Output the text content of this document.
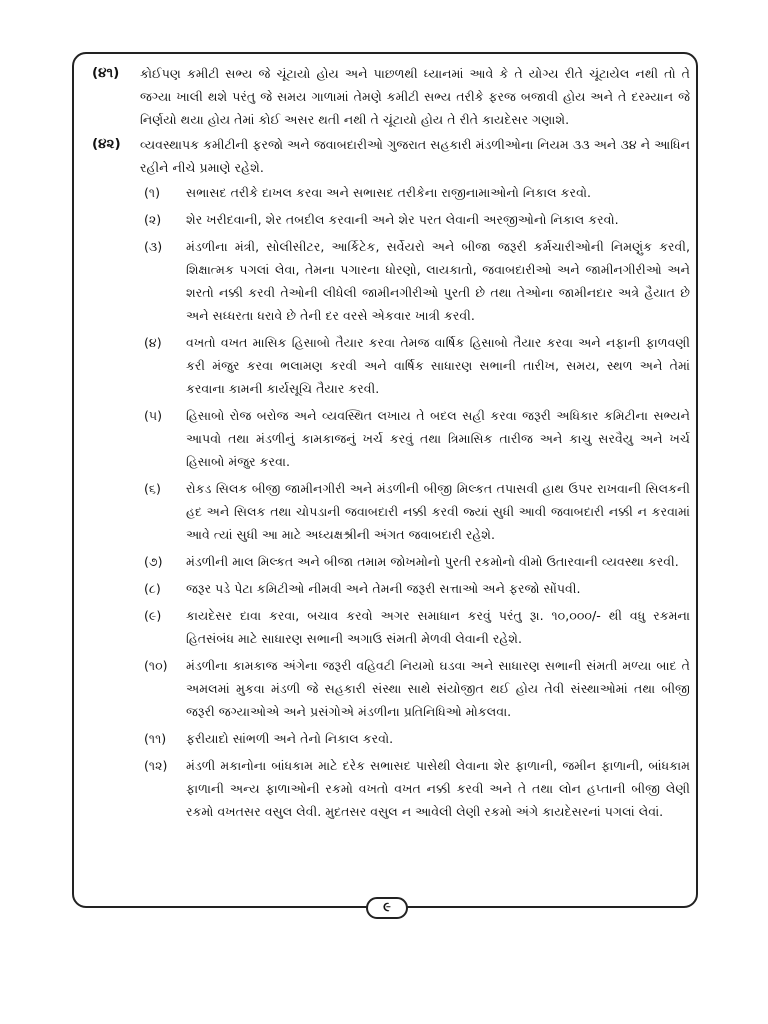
(૪૧)	કોઈપણ કમીટી સભ્ય જે ચૂંટાયો હોય અને પાછળથી ધ્યાનમાં આવે કે તે યોગ્ય રીતે ચૂંટાયેલ નથી તો તે જગ્યા ખાલી થશે પરંતુ જે સમય ગાળામાં તેમણે કમીટી સભ્ય તરીકે ફરજ બજાવી હોય અને તે દરમ્યાન જે નિર્ણયો થયા હોય તેમાં કોઈ અસર થતી નથી તે ચૂંટાયો હોય તે રીતે કાયદેસર ગણાશે.
(૪૨)	વ્યવસ્થાપક કમીટીની ફરજો અને જવાબદારીઓ ગુજરાત સહકારી મંડળીઓના નિયમ ૩૩ અને ૩૪ ને આધિન રહીને નીચે પ્રમાણે રહેશે.
(૧)	સભાસદ તરીકે દાખલ કરવા અને સભાસદ તરીકેના રાજીનામાઓનો નિકાલ કરવો.
(૨)	શેર ખરીદવાની, શેર તબદીલ કરવાની અને શેર પરત લેવાની અરજીઓનો નિકાલ કરવો.
(૩)	મંડળીના મંત્રી, સોલીસીટર, આર્કિટેક, સર્વેયરો અને બીજા જરૂરી કર્મચારીઓની નિમણુંક કરવી, શિક્ષાત્મક પગલાં લેવા, તેમના પગારના ધોરણો, લાયકાતો, જવાબદારીઓ અને જામીનગીરીઓ અને શરતો નક્કી કરવી તેઓની લીધેલી જામીનગીરીઓ પુરતી છે તથા તેઓના જામીનદાર અત્રે હૈયાત છે અને સધ્ધરતા ધરાવે છે તેની દર વરસે એકવાર ખાત્રી કરવી.
(૪)	વખતો વખત માસિક હિસાબો તૈયાર કરવા તેમજ વાર્ષિક હિસાબો તૈયાર કરવા અને નફાની ફાળવણી કરી મંજુર કરવા ભલામણ કરવી અને વાર્ષિક સાધારણ સભાની તારીખ, સમય, સ્થળ અને તેમાં કરવાના કામની કાર્યસૂચિ તૈયાર કરવી.
(૫)	હિસાબો રોજ બરોજ અને વ્યવસ્થિત લખાય તે બદલ સહી કરવા જરૂરી અધિકાર કમિટીના સભ્યને આપવો તથા મંડળીનું કામકાજનું ખર્ચ કરવું તથા ત્રિમાસિક તારીજ અને કાચુ સરવૈયુ અને ખર્ચ હિસાબો મંજુર કરવા.
(૬)	રોકડ સિલક બીજી જામીનગીરી અને મંડળીની બીજી મિલ્કત તપાસવી હાથ ઉપર રાખવાની સિલકની હદ અને સિલક તથા ચોપડાની જવાબદારી નક્કી કરવી જ્યાં સુધી આવી જવાબદારી નક્કી ન કરવામાં આવે ત્યાં સુધી આ માટે અધ્યક્ષશ્રીની અંગત જવાબદારી રહેશે.
(૭)	મંડળીની માલ મિલ્કત અને બીજા તમામ જોખમોનો પુરતી રકમોનો વીમો ઉતારવાની વ્યવસ્થા કરવી.
(૮)	જરૂર પડે પેટા કમિટીઓ નીમવી અને તેમની જરૂરી સત્તાઓ અને ફરજો સોંપવી.
(૯)	કાયદેસર દાવા કરવા, બચાવ કરવો અગર સમાધાન કરવું પરંતુ રૂા. ૧૦,૦૦૦/- થી વધુ રકમના હિતસંબંધ માટે સાધારણ સભાની અગાઉ સંમતી મેળવી લેવાની રહેશે.
(૧૦)	મંડળીના કામકાજ અંગેના જરૂરી વહિવટી નિયમો ઘડવા અને સાધારણ સભાની સંમતી મળ્યા બાદ તે અમલમાં મુકવા મંડળી જે સહકારી સંસ્થા સાથે સંયોજીત થઈ હોય તેવી સંસ્થાઓમાં તથા બીજી જરૂરી જગ્યાઓએ અને પ્રસંગોએ મંડળીના પ્રતિનિધિઓ મોકલવા.
(૧૧)	ફરીયાદો સાંભળી અને તેનો નિકાલ કરવો.
(૧૨)	મંડળી મકાનોના બાંધકામ માટે દરેક સભાસદ પાસેથી લેવાના શેર ફાળાની, જમીન ફાળાની, બાંધકામ ફાળાની અન્ય ફાળાઓની રકમો વખતો વખત નક્કી કરવી અને તે તથા લોન હપ્તાની બીજી લેણી રકમો વખતસર વસુલ લેવી. મુદતસર વસુલ ન આવેલી લેણી રકમો અંગે કાયદેસરનાં પગલાં લેવાં.
૯
